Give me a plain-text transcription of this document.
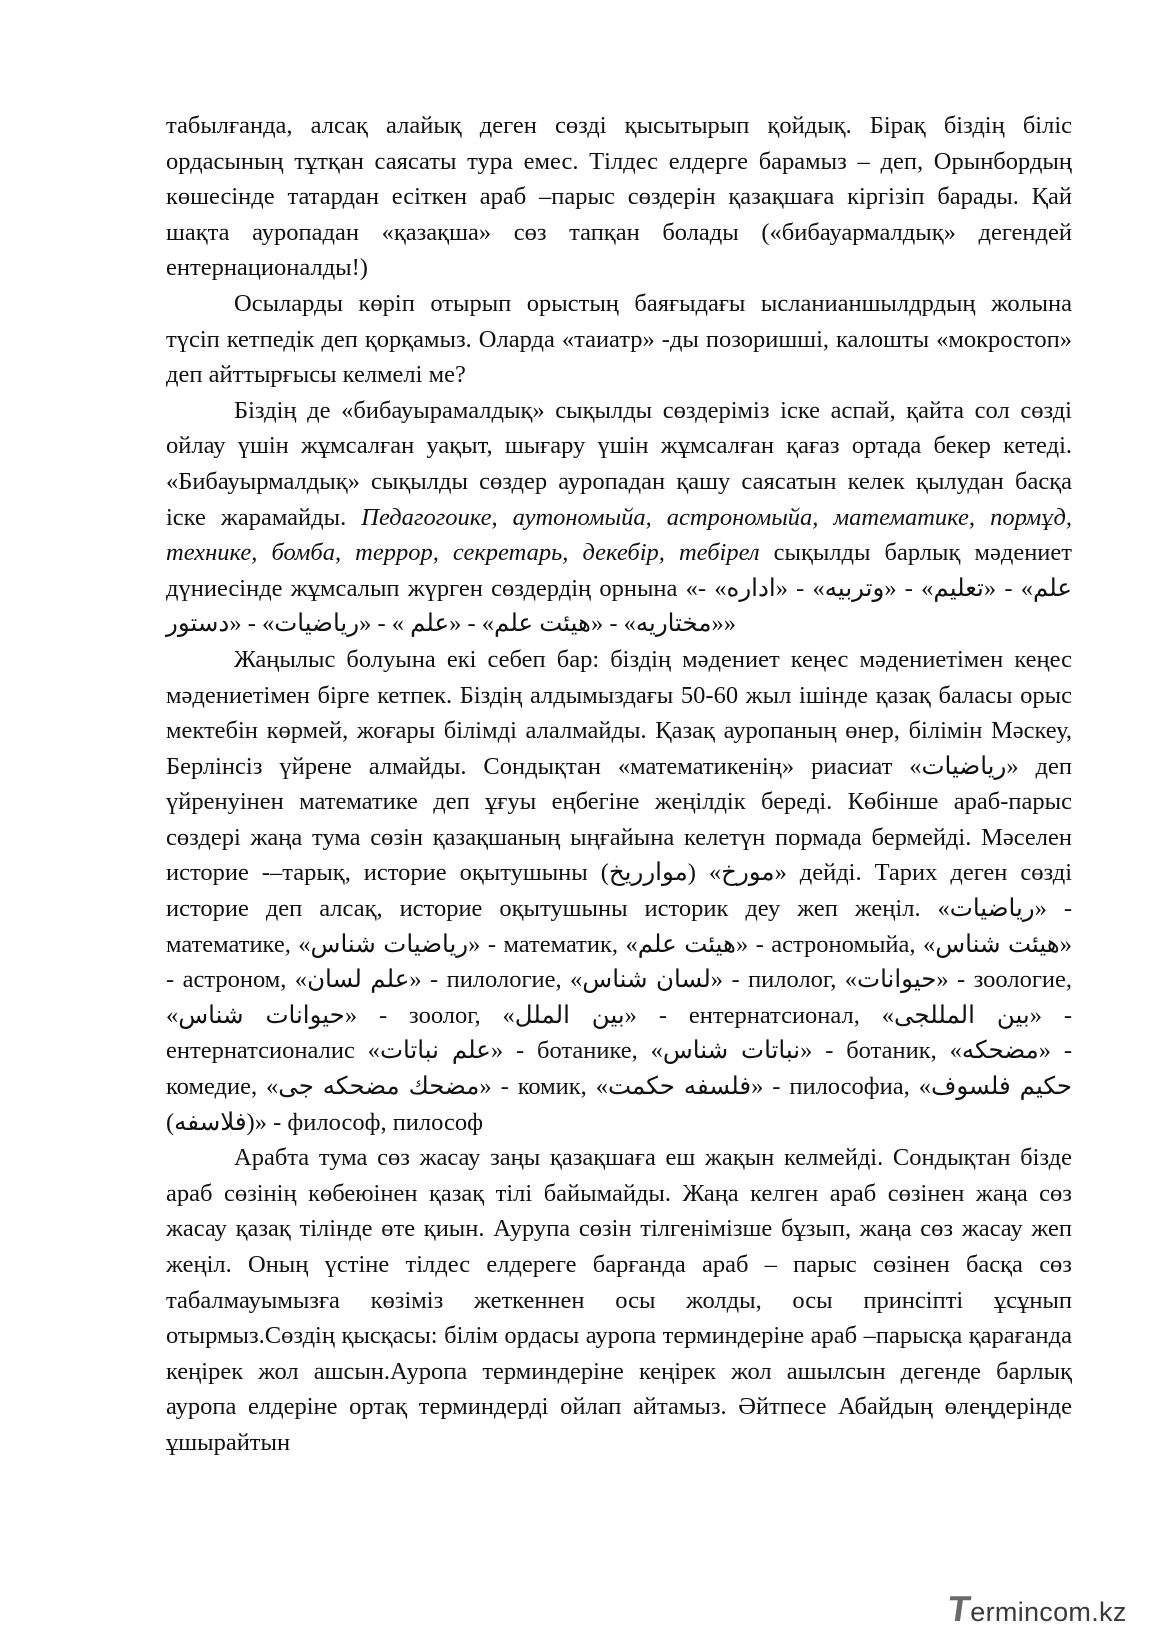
табылғанда, алсақ алайық деген сөзді қысытырып қойдық. Бірақ біздің біліс ордасының тұтқан саясаты тура емес. Тілдес елдерге барамыз – деп, Орынбордың көшесінде татардан есіткен араб –парыс сөздерін қазақшаға кіргізіп барады. Қай шақта ауропадан «қазақша» сөз тапқан болады («бибауармалдық» дегендей ентернационалды!)

Осыларды көріп отырып орыстың баяғыдағы ысланианшылдрдың жолына түсіп кетпедік деп қорқамыз. Оларда «таиатр» -ды позоришші, калошты «мокростоп» деп айттырғысы келмелі ме?

Біздің де «бибауырамалдық» сықылды сөздеріміз іске аспай, қайта сол сөзді ойлау үшін жұмсалған уақыт, шығару үшін жұмсалған қағаз ортада бекер кетеді. «Бибауырмалдық» сықылды сөздер ауропадан қашу саясатын келек қылудан басқа іске жарамайды. Педагогоике, аутономыйа, астрономыйа, математике, пормұд, технике, бомба, террор, секретарь, декебір, тебірел сықылды барлық мәдениет дүниесінде жұмсалып жүрген сөздердің орнына «علم» - «تعليم» - «وتربيه» - «اداره» - «مختاريه» - «هيئت علم» - «علم » - «رياضيات» - «دستور»

Жаңылыс болуына екі себеп бар: біздің мәдениет кеңес мәдениетімен кеңес мәдениетімен бірге кетпек. Біздің алдымыздағы 50-60 жыл ішінде қазақ баласы орыс мектебін көрмей, жоғары білімді алалмайды. Қазақ ауропаның өнер, білімін Мәскеу, Берлінсіз үйрене алмайды. Сондықтан «математикенің» риасиат «رياضيات» деп үйренуінен математике деп ұғуы еңбегіне жеңілдік береді. Көбінше араб-парыс сөздері жаңа тума сөзін қазақшаның ыңғайына келетүн пормада бермейді. Мәселен историе -–тарық, историе оқытушыны (موارريخ) «مورخ» дейді. Тарих деген сөзді историе деп алсақ, историе оқытушыны историк деу жеп жеңіл. «رياضيات» - математике, «رياضيات شناس» - математик, «هيئت علم» - астрономыйа, «هيئت شناس» - астроном, «علم لسان» - пилологие, «لسان شناس» - пилолог, «حيوانات» - зоологие, «حيوانات شناس» - зоолог, «بين الملل» - ентернатсионал, «بين المللجى» - ентернатсионалис «علم نباتات» - ботанике, «نباتات شناس» - ботаник, «مضحكه» - комедие, «مضحك مضحكه جى» - комик, «فلسفه حكمت» - пилософиа, «حكيم فلسوف (فلاسفه)» - философ, пилософ

Арабта тума сөз жасау заңы қазақшаға еш жақын келмейді. Сондықтан бізде араб сөзінің көбеюінен қазақ тілі байымайды. Жаңа келген араб сөзінен жаңа сөз жасау қазақ тілінде өте қиын. Аурупа сөзін тілгенімізше бұзып, жаңа сөз жасау жеп жеңіл. Оның үстіне тілдес елдереге барғанда араб – парыс сөзінен басқа сөз табалмауымызға көзіміз жеткеннен осы жолды, осы принсіпті ұсұнып отырмыз.Сөздің қысқасы: білім ордасы ауропа терминдеріне араб –парысқа қарағанда кеңірек жол ашсын.Ауропа терминдеріне кеңірек жол ашылсын дегенде барлық ауропа елдеріне ортақ терминдерді ойлап айтамыз. Әйтпесе Абайдың өлеңдерінде ұшырайтын

Termincom.kz
